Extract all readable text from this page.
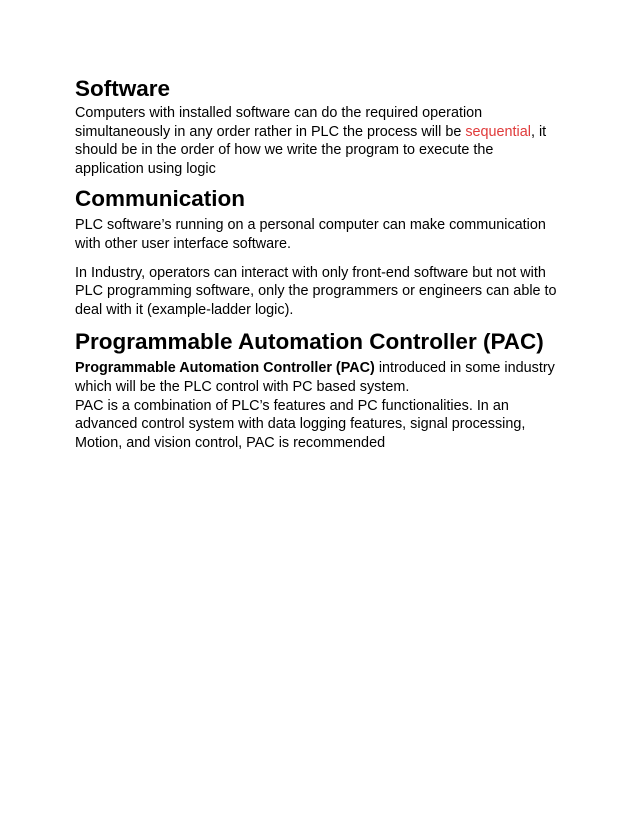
Software

Computers with installed software can do the required operation simultaneously in any order rather in PLC the process will be sequential, it should be in the order of how we write the program to execute the application using logic

Communication

PLC software’s running on a personal computer can make communication with other user interface software.

In Industry, operators can interact with only front-end software but not with PLC programming software, only the programmers or engineers can able to deal with it (example-ladder logic).

Programmable Automation Controller (PAC)

Programmable Automation Controller (PAC) introduced in some industry which will be the PLC control with PC based system.

PAC is a combination of PLC’s features and PC functionalities. In an advanced control system with data logging features, signal processing, Motion, and vision control, PAC is recommended
